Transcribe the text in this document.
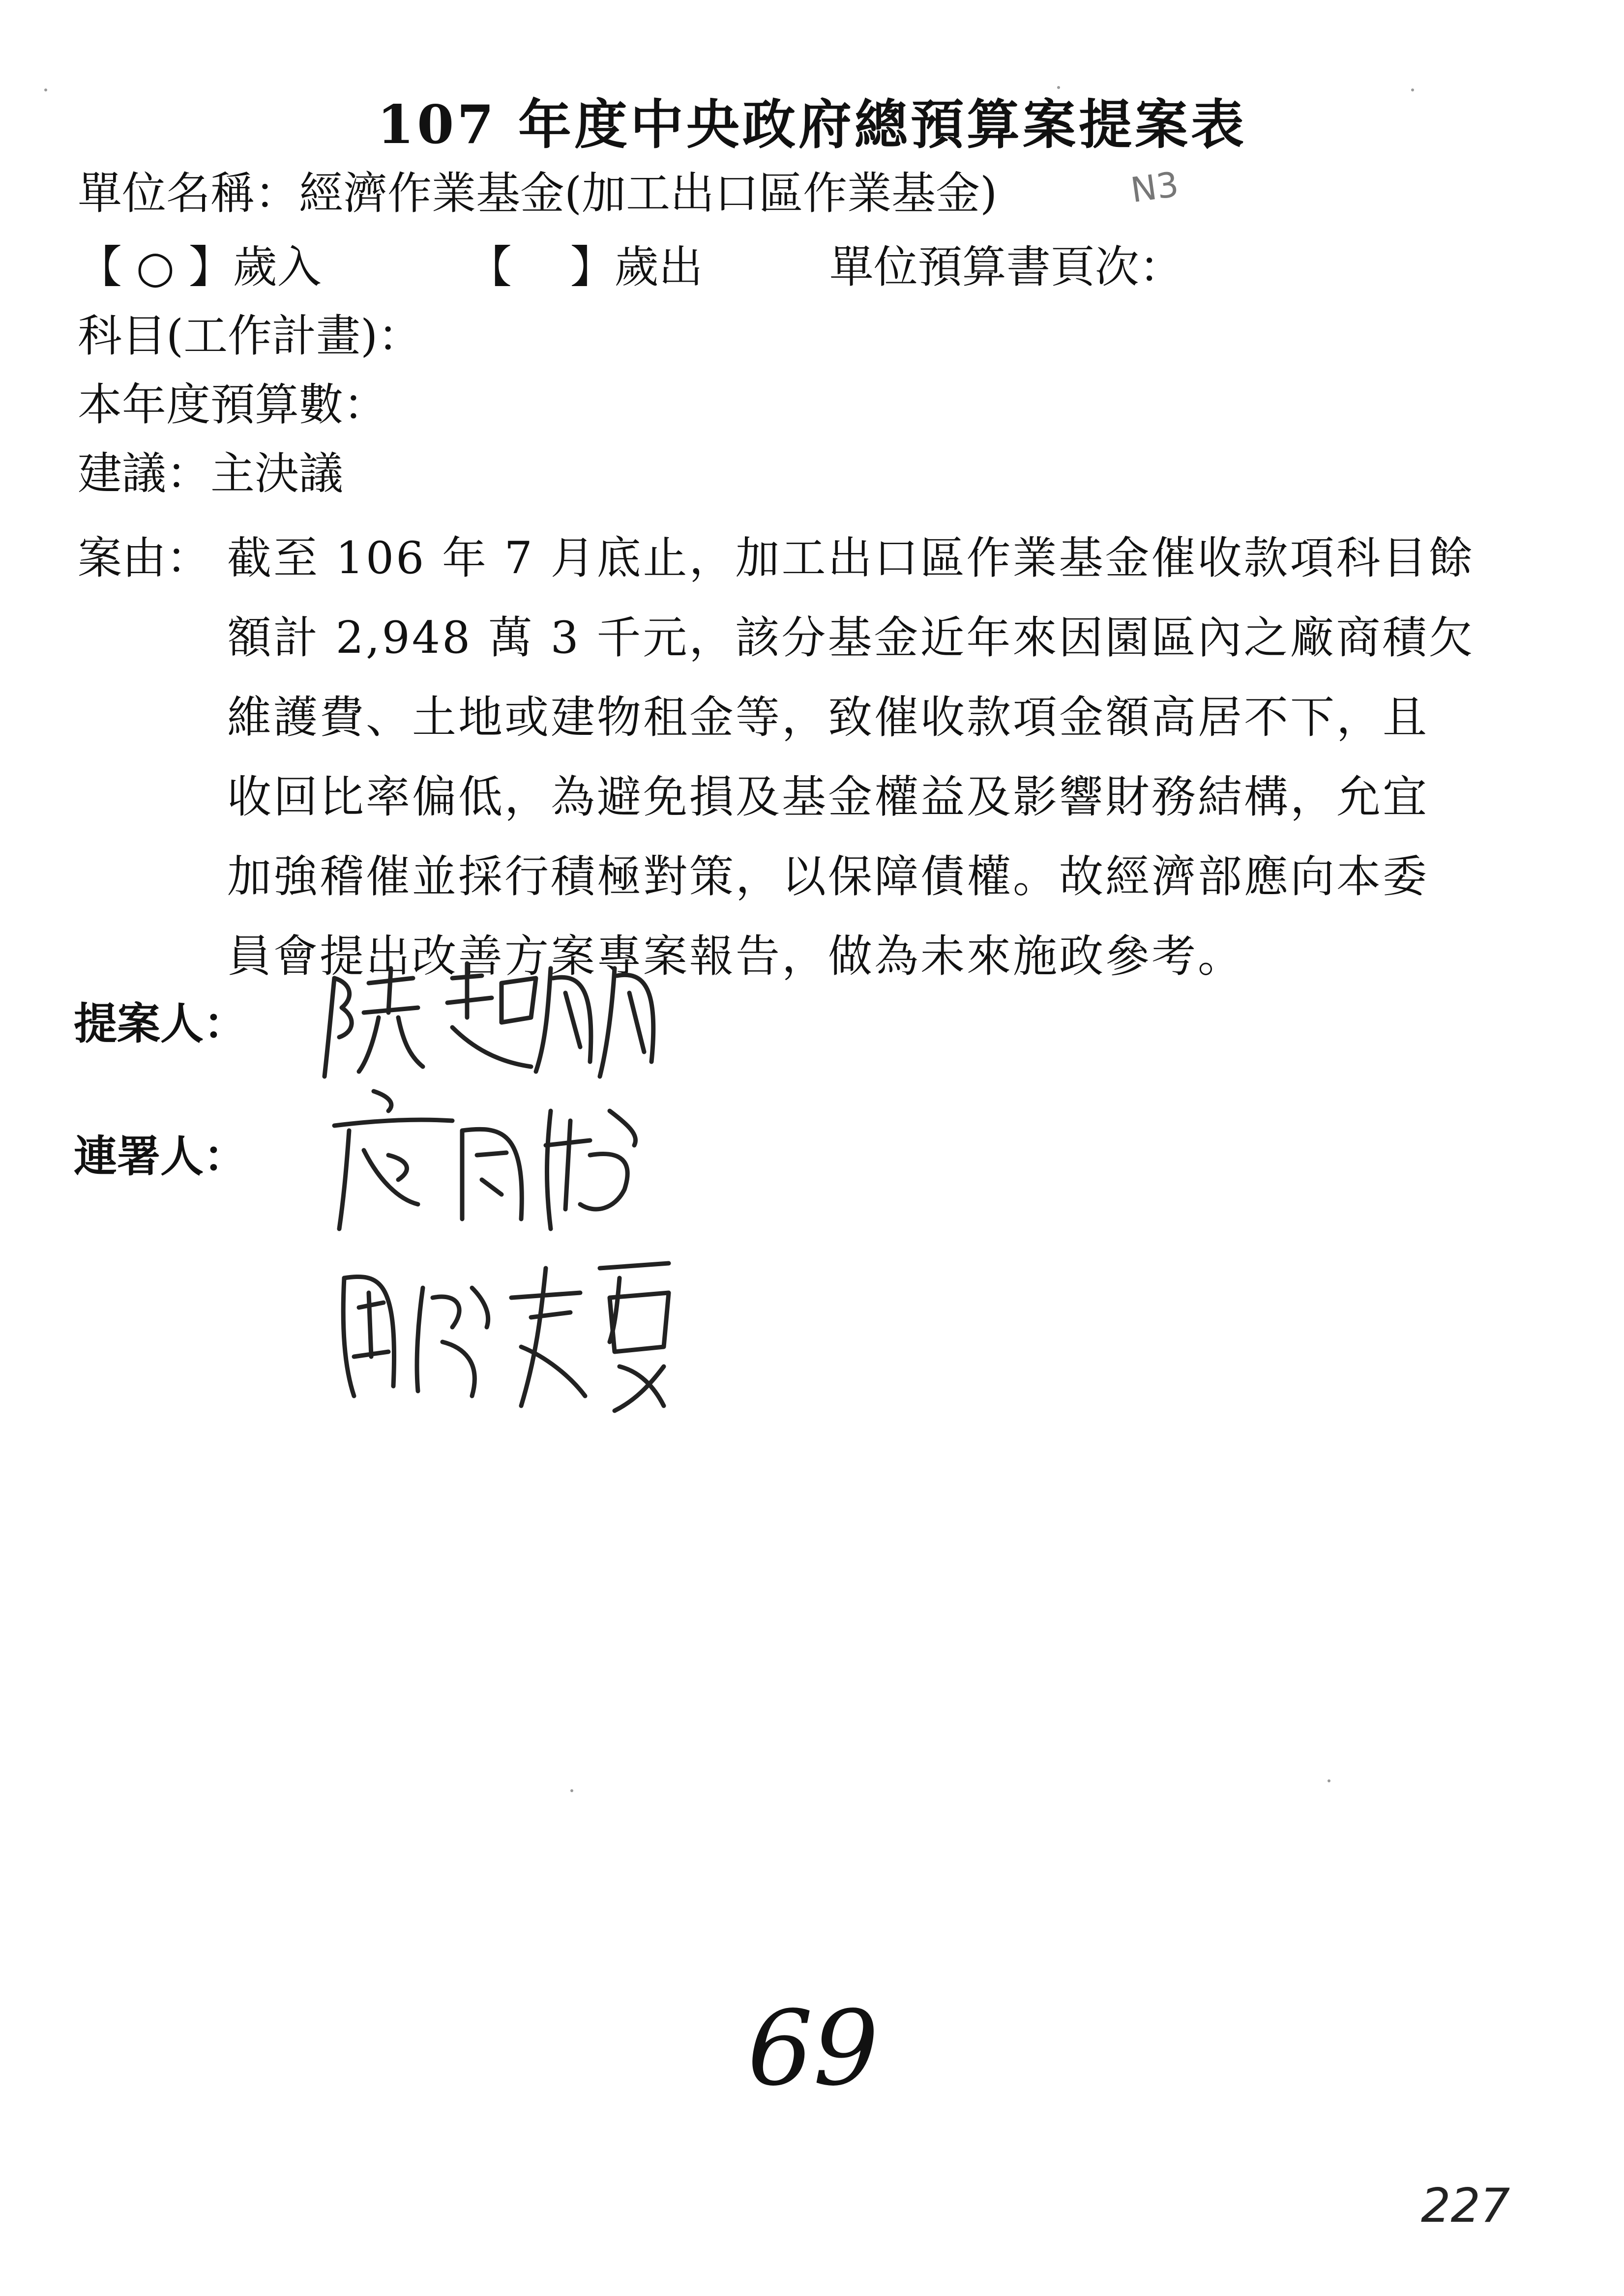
107 年度中央政府總預算案提案表
單位名稱：經濟作業基金(加工出口區作業基金)	N3
【 ○ 】歲入	【　 】歲出	單位預算書頁次：
科目(工作計畫)：
本年度預算數：
建議：主決議
案由： 截至 106 年 7 月底止，加工出口區作業基金催收款項科目餘
額計 2,948 萬 3 千元，該分基金近年來因園區內之廠商積欠
維護費、土地或建物租金等，致催收款項金額高居不下，且
收回比率偏低，為避免損及基金權益及影響財務結構，允宜
加強稽催並採行積極對策，以保障債權。故經濟部應向本委
員會提出改善方案專案報告，做為未來施政參考。
提案人：
連署人：
69
227
